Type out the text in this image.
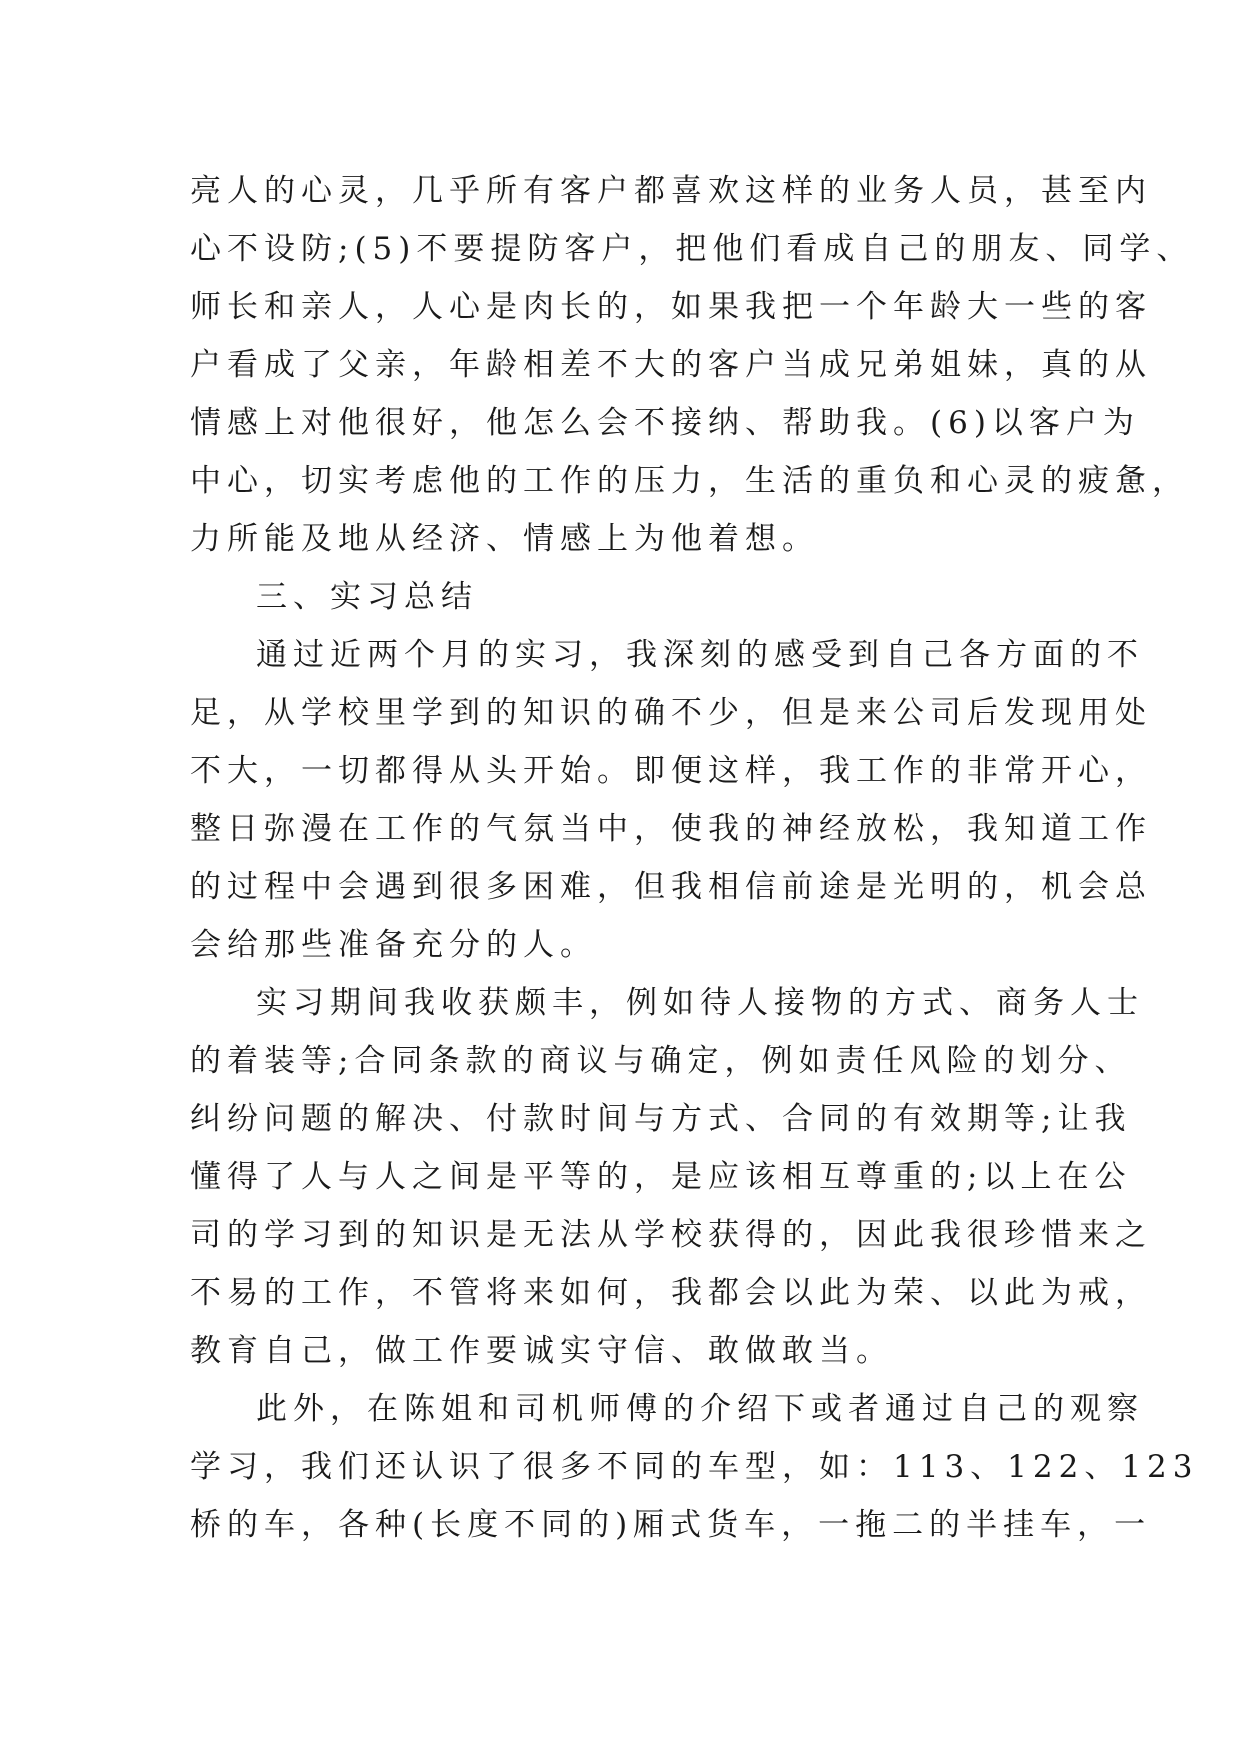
亮人的心灵，几乎所有客户都喜欢这样的业务人员，甚至内
心不设防;(5)不要提防客户，把他们看成自己的朋友、同学、
师长和亲人，人心是肉长的，如果我把一个年龄大一些的客
户看成了父亲，年龄相差不大的客户当成兄弟姐妹，真的从
情感上对他很好，他怎么会不接纳、帮助我。(6)以客户为
中心，切实考虑他的工作的压力，生活的重负和心灵的疲惫，
力所能及地从经济、情感上为他着想。
三、实习总结
通过近两个月的实习，我深刻的感受到自己各方面的不
足，从学校里学到的知识的确不少，但是来公司后发现用处
不大，一切都得从头开始。即便这样，我工作的非常开心，
整日弥漫在工作的气氛当中，使我的神经放松，我知道工作
的过程中会遇到很多困难，但我相信前途是光明的，机会总
会给那些准备充分的人。
实习期间我收获颇丰，例如待人接物的方式、商务人士
的着装等;合同条款的商议与确定，例如责任风险的划分、
纠纷问题的解决、付款时间与方式、合同的有效期等;让我
懂得了人与人之间是平等的，是应该相互尊重的;以上在公
司的学习到的知识是无法从学校获得的，因此我很珍惜来之
不易的工作，不管将来如何，我都会以此为荣、以此为戒，
教育自己，做工作要诚实守信、敢做敢当。
此外，在陈姐和司机师傅的介绍下或者通过自己的观察
学习，我们还认识了很多不同的车型，如：113、122、123
桥的车，各种(长度不同的)厢式货车，一拖二的半挂车，一
